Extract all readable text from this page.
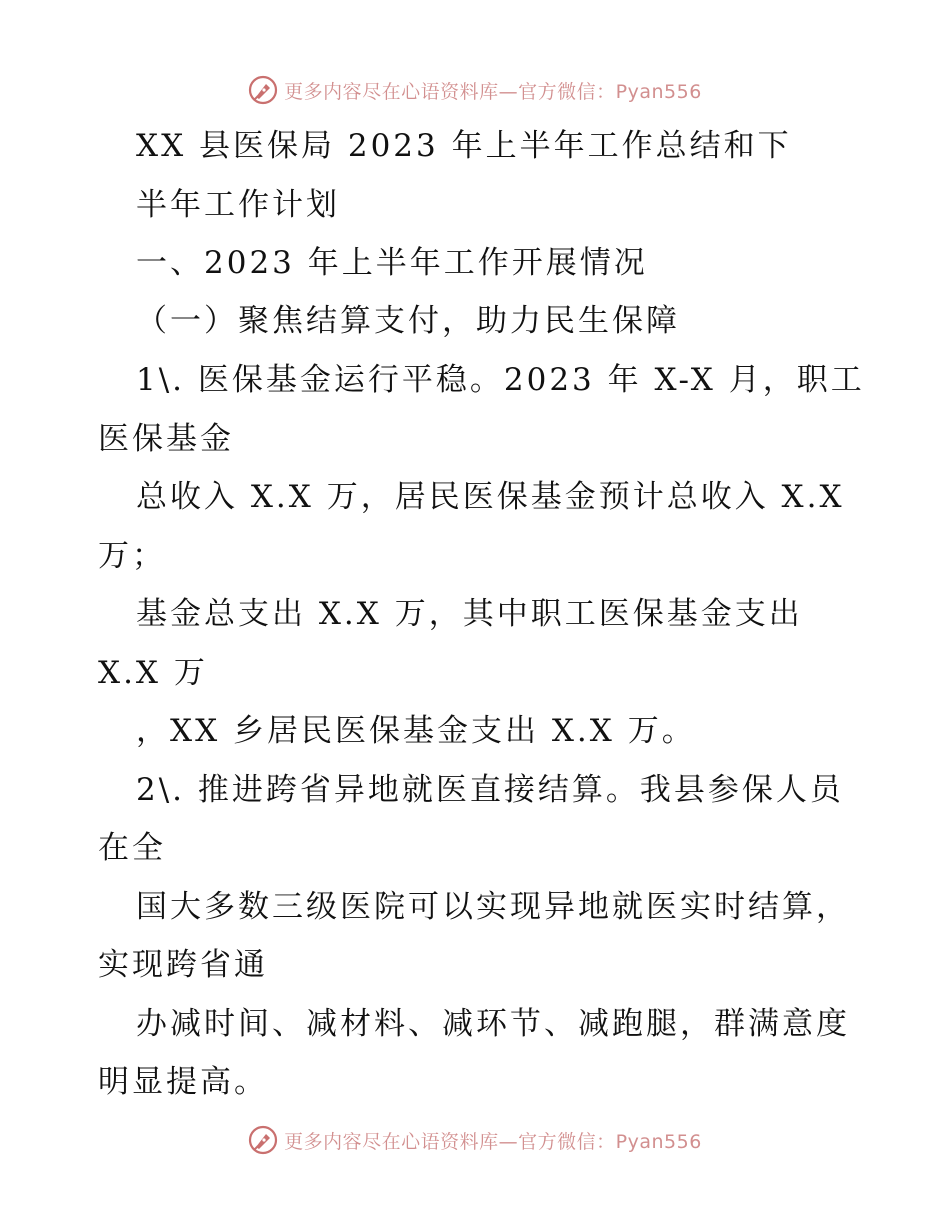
更多内容尽在心语资料库—官方微信：Pyan556
XX 县医保局 2023 年上半年工作总结和下
半年工作计划
一、2023 年上半年工作开展情况
（一）聚焦结算支付，助力民生保障
1\. 医保基金运行平稳。2023 年 X-X 月，职工
医保基金
总收入 X.X 万，居民医保基金预计总收入 X.X
万；
基金总支出 X.X 万，其中职工医保基金支出
X.X 万
，XX 乡居民医保基金支出 X.X 万。
2\. 推进跨省异地就医直接结算。我县参保人员
在全
国大多数三级医院可以实现异地就医实时结算，
实现跨省通
办减时间、减材料、减环节、减跑腿，群满意度
明显提高。
更多内容尽在心语资料库—官方微信：Pyan556
